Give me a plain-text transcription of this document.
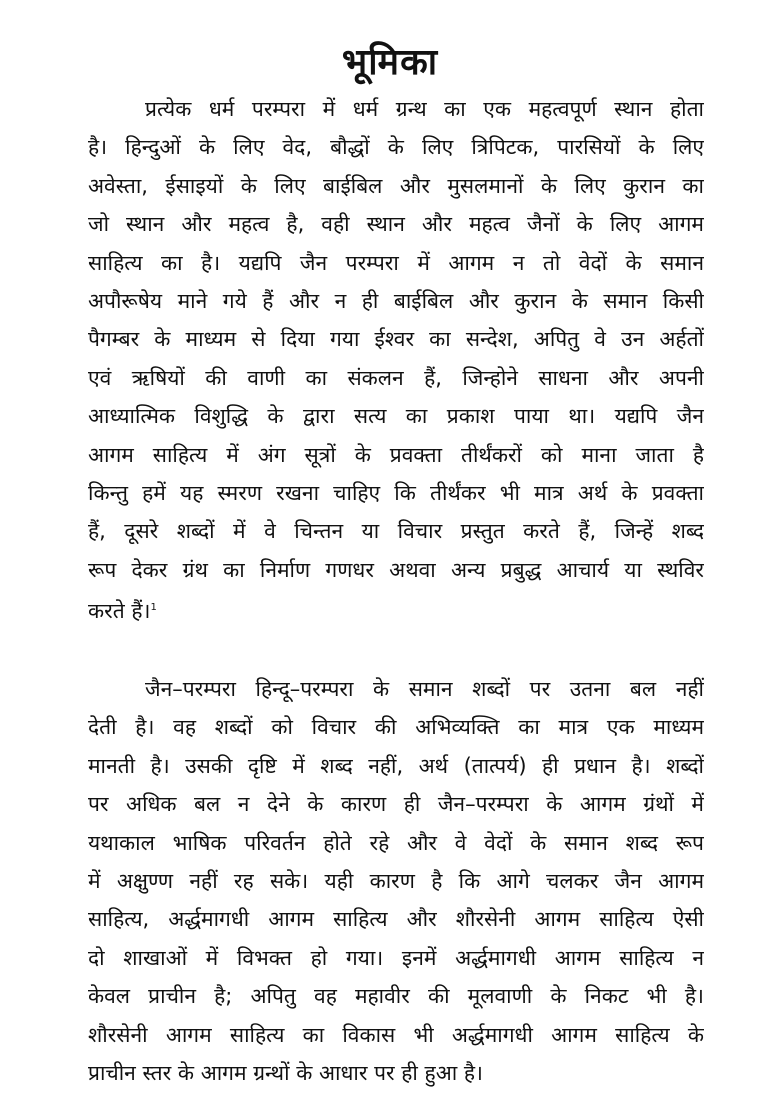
भूमिका
प्रत्येक धर्म परम्परा में धर्म ग्रन्थ का एक महत्वपूर्ण स्थान होता
है। हिन्दुओं के लिए वेद, बौद्धों के लिए त्रिपिटक, पारसियों के लिए
अवेस्ता, ईसाइयों के लिए बाईबिल और मुसलमानों के लिए कुरान का
जो स्थान और महत्व है, वही स्थान और महत्व जैनों के लिए आगम
साहित्य का है। यद्यपि जैन परम्परा में आगम न तो वेदों के समान
अपौरूषेय माने गये हैं और न ही बाईबिल और कुरान के समान किसी
पैगम्बर के माध्यम से दिया गया ईश्वर का सन्देश, अपितु वे उन अर्हतों
एवं ऋषियों की वाणी का संकलन हैं, जिन्होने साधना और अपनी
आध्यात्मिक विशुद्धि के द्वारा सत्य का प्रकाश पाया था। यद्यपि जैन
आगम साहित्य में अंग सूत्रों के प्रवक्ता तीर्थंकरों को माना जाता है
किन्तु हमें यह स्मरण रखना चाहिए कि तीर्थंकर भी मात्र अर्थ के प्रवक्ता
हैं, दूसरे शब्दों में वे चिन्तन या विचार प्रस्तुत करते हैं, जिन्हें शब्द
रूप देकर ग्रंथ का निर्माण गणधर अथवा अन्य प्रबुद्ध आचार्य या स्थविर
करते हैं।$^1$
जैन–परम्परा हिन्दू–परम्परा के समान शब्दों पर उतना बल नहीं
देती है। वह शब्दों को विचार की अभिव्यक्ति का मात्र एक माध्यम
मानती है। उसकी दृष्टि में शब्द नहीं, अर्थ (तात्पर्य) ही प्रधान है। शब्दों
पर अधिक बल न देने के कारण ही जैन–परम्परा के आगम ग्रंथों में
यथाकाल भाषिक परिवर्तन होते रहे और वे वेदों के समान शब्द रूप
में अक्षुण्ण नहीं रह सके। यही कारण है कि आगे चलकर जैन आगम
साहित्य, अर्द्धमागधी आगम साहित्य और शौरसेनी आगम साहित्य ऐसी
दो शाखाओं में विभक्त हो गया। इनमें अर्द्धमागधी आगम साहित्य न
केवल प्राचीन है; अपितु वह महावीर की मूलवाणी के निकट भी है।
शौरसेनी आगम साहित्य का विकास भी अर्द्धमागधी आगम साहित्य के
प्राचीन स्तर के आगम ग्रन्थों के आधार पर ही हुआ है।
